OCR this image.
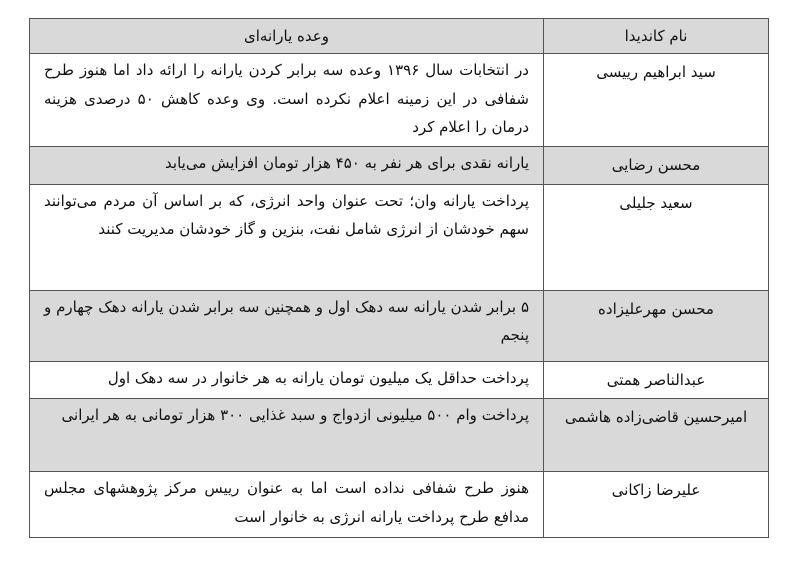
نام کاندیدا	وعده یارانه‌ای
سید ابراهیم رییسی	در انتخابات سال ۱۳۹۶ وعده سه برابر کردن یارانه را ارائه داد اما هنوز طرح شفافی در این زمینه اعلام نکرده است. وی وعده کاهش ۵۰ درصدی هزینه درمان را اعلام کرد
محسن رضایی	یارانه نقدی برای هر نفر به ۴۵۰ هزار تومان افزایش می‌یابد
سعید جلیلی	پرداخت یارانه وان؛ تحت عنوان واحد انرژی، که بر اساس آن مردم می‌توانند سهم خودشان از انرژی شامل نفت، بنزین و گاز خودشان مدیریت کنند
محسن مهرعلیزاده	۵ برابر شدن یارانه سه دهک اول و همچنین سه برابر شدن یارانه دهک چهارم و پنجم
عبدالناصر همتی	پرداخت حداقل یک میلیون تومان یارانه به هر خانوار در سه دهک اول
امیرحسین قاضی‌زاده هاشمی	پرداخت وام ۵۰۰ میلیونی ازدواج و سبد غذایی ۳۰۰ هزار تومانی به هر ایرانی
علیرضا زاکانی	هنوز طرح شفافی نداده است اما به عنوان رییس مرکز پژوهشهای مجلس مدافع طرح پرداخت یارانه انرژی به خانوار است
